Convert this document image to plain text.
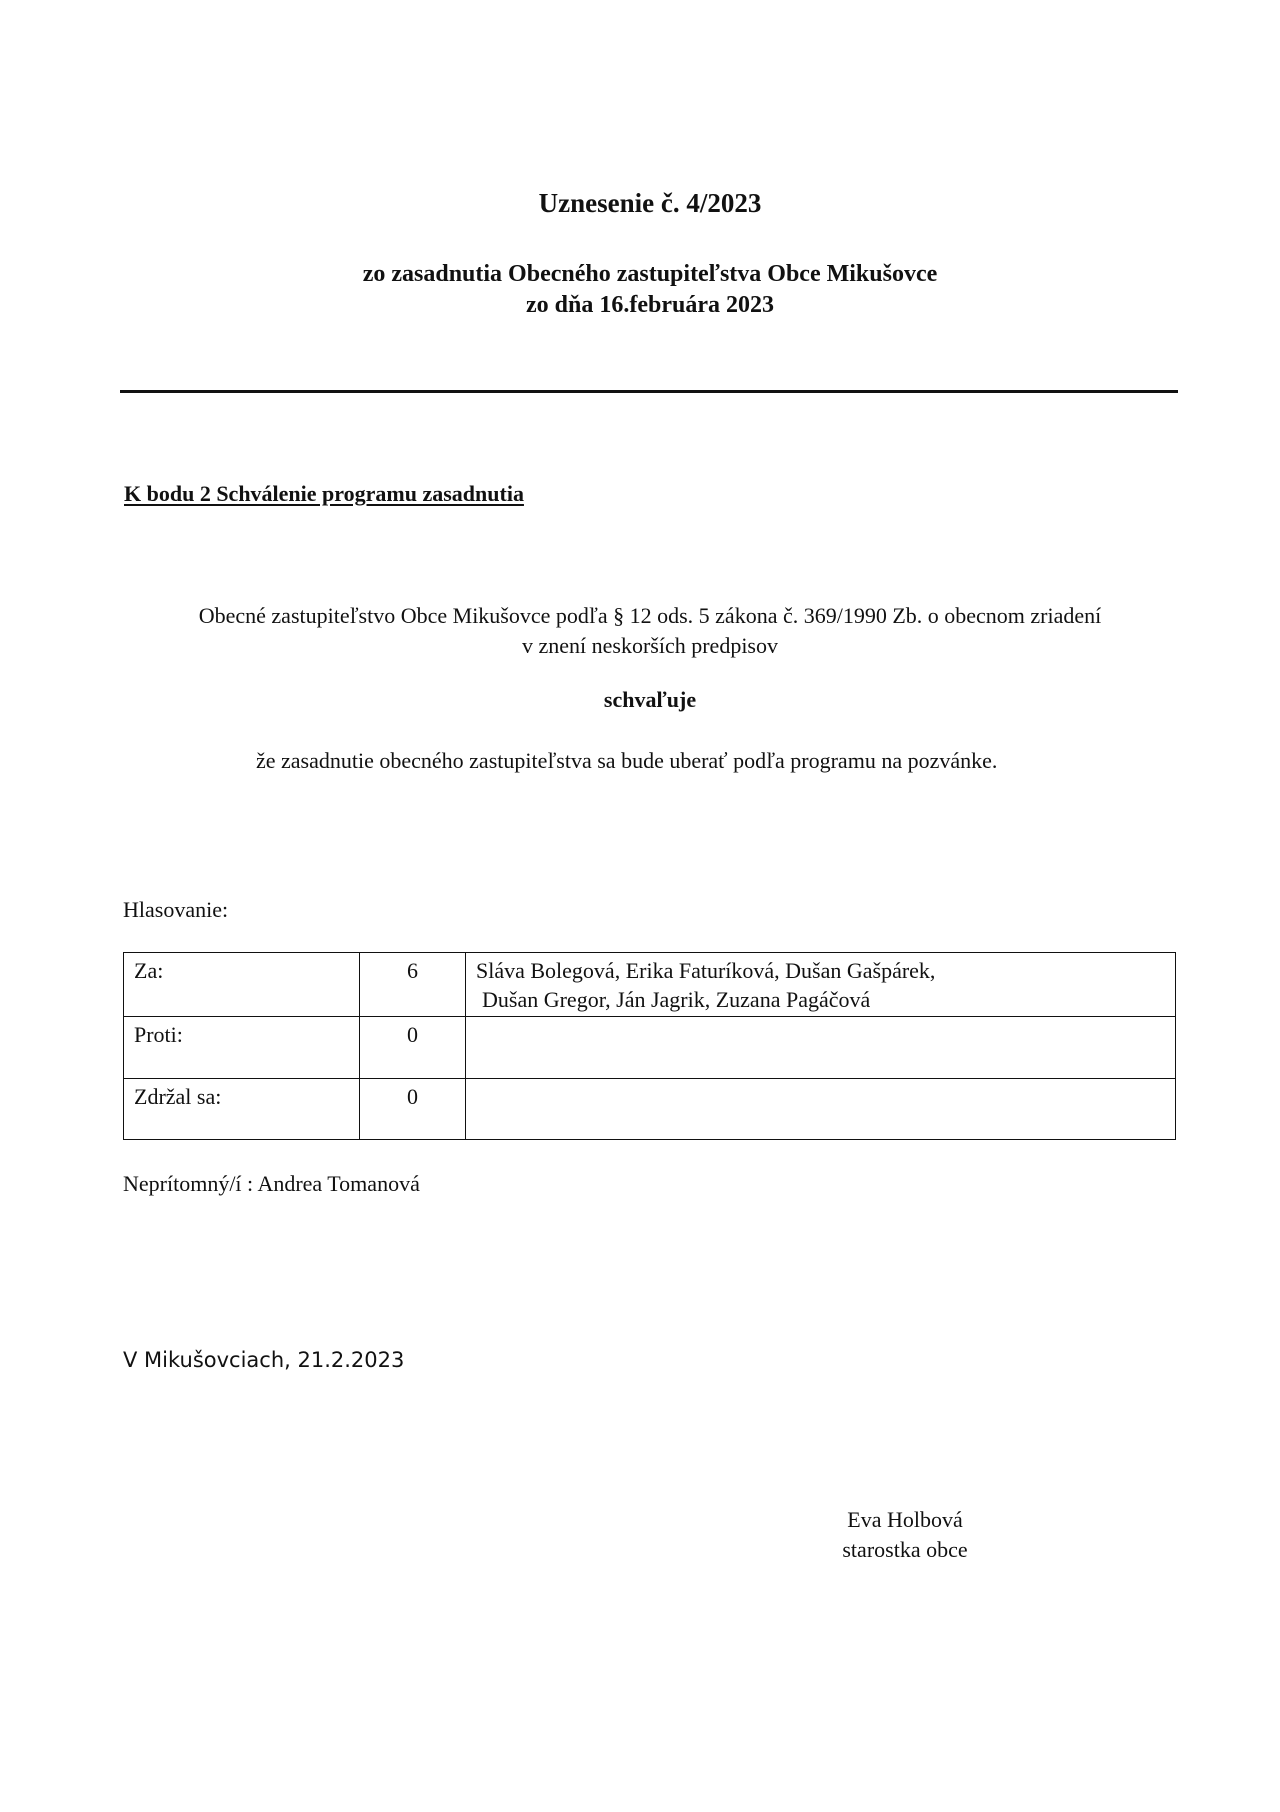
Uznesenie č. 4/2023
zo zasadnutia Obecného zastupiteľstva Obce Mikušovce
zo dňa 16.februára 2023
K bodu 2 Schválenie programu zasadnutia
Obecné zastupiteľstvo Obce Mikušovce podľa § 12 ods. 5 zákona č. 369/1990 Zb. o obecnom zriadení
v znení neskorších predpisov
schvaľuje
že zasadnutie obecného zastupiteľstva sa bude uberať podľa programu na pozvánke.
Hlasovanie:
Za:	6	Sláva Bolegová, Erika Faturíková, Dušan Gašpárek,
Dušan Gregor, Ján Jagrik, Zuzana Pagáčová

Proti:	0	
Zdržal sa:	0	
Neprítomný/í : Andrea Tomanová
V Mikušovciach, 21.2.2023
Eva Holbová
starostka obce
